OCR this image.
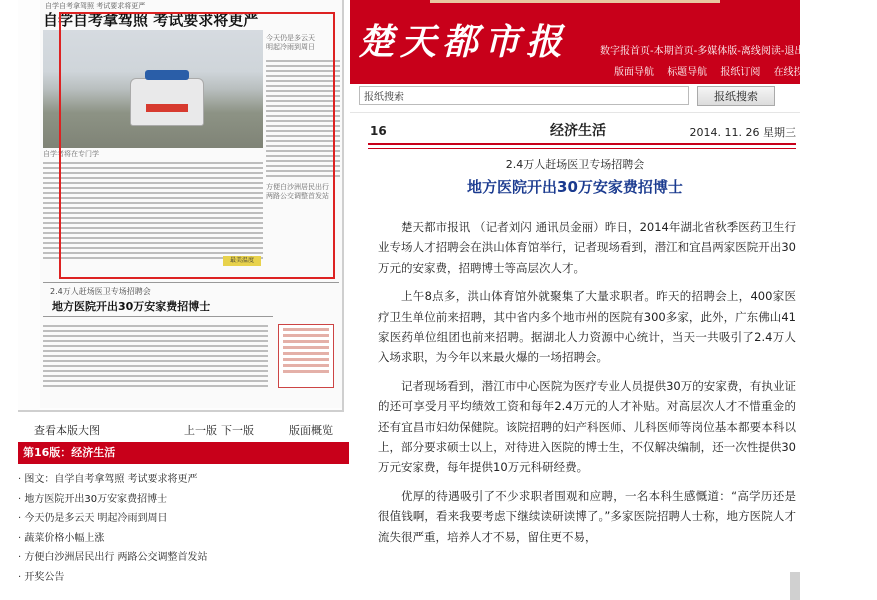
自学自考拿驾照 考试要求将更严
自学自考拿驾照 考试要求将更严
今天仍是多云天
明起冷雨到周日
方便白沙洲居民出行
两路公交调整首发站
自学者将在专门学
最美温度
2.4万人赶场医卫专场招聘会
地方医院开出30万安家费招博士
查看本版大图	上一版 下一版	版面概览
第16版：经济生活
· 图文：自学自考拿驾照 考试要求将更严
· 地方医院开出30万安家费招博士
· 今天仍是多云天 明起冷雨到周日
· 蔬菜价格小幅上涨
· 方便白沙洲居民出行 两路公交调整首发站
· 开奖公告
楚天都市报	数字报首页-本期首页-多媒体版-离线阅读-退出
版面导航 标题导航 报纸订阅 在线投稿 在线读报
报纸搜索
报纸搜索
16	经济生活	2014. 11. 26 星期三
2.4万人赶场医卫专场招聘会
地方医院开出30万安家费招博士

楚天都市报讯 （记者刘闪 通讯员金丽）昨日，2014年湖北省秋季医药卫生行业专场人才招聘会在洪山体育馆举行，记者现场看到，潜江和宜昌两家医院开出30万元的安家费，招聘博士等高层次人才。

上午8点多，洪山体育馆外就聚集了大量求职者。昨天的招聘会上，400家医疗卫生单位前来招聘，其中省内多个地市州的医院有300多家，此外，广东佛山41家医药单位组团也前来招聘。据湖北人力资源中心统计，当天一共吸引了2.4万人入场求职，为今年以来最火爆的一场招聘会。

记者现场看到，潜江市中心医院为医疗专业人员提供30万的安家费，有执业证的还可享受月平均绩效工资和每年2.4万元的人才补贴。对高层次人才不惜重金的还有宜昌市妇幼保健院。该院招聘的妇产科医师、儿科医师等岗位基本都要本科以上，部分要求硕士以上，对待进入医院的博士生，不仅解决编制，还一次性提供30万元安家费，每年提供10万元科研经费。

优厚的待遇吸引了不少求职者围观和应聘，一名本科生感慨道：“高学历还是很值钱啊，看来我要考虑下继续读研读博了。”多家医院招聘人士称，地方医院人才流失很严重，培养人才不易，留住更不易，
